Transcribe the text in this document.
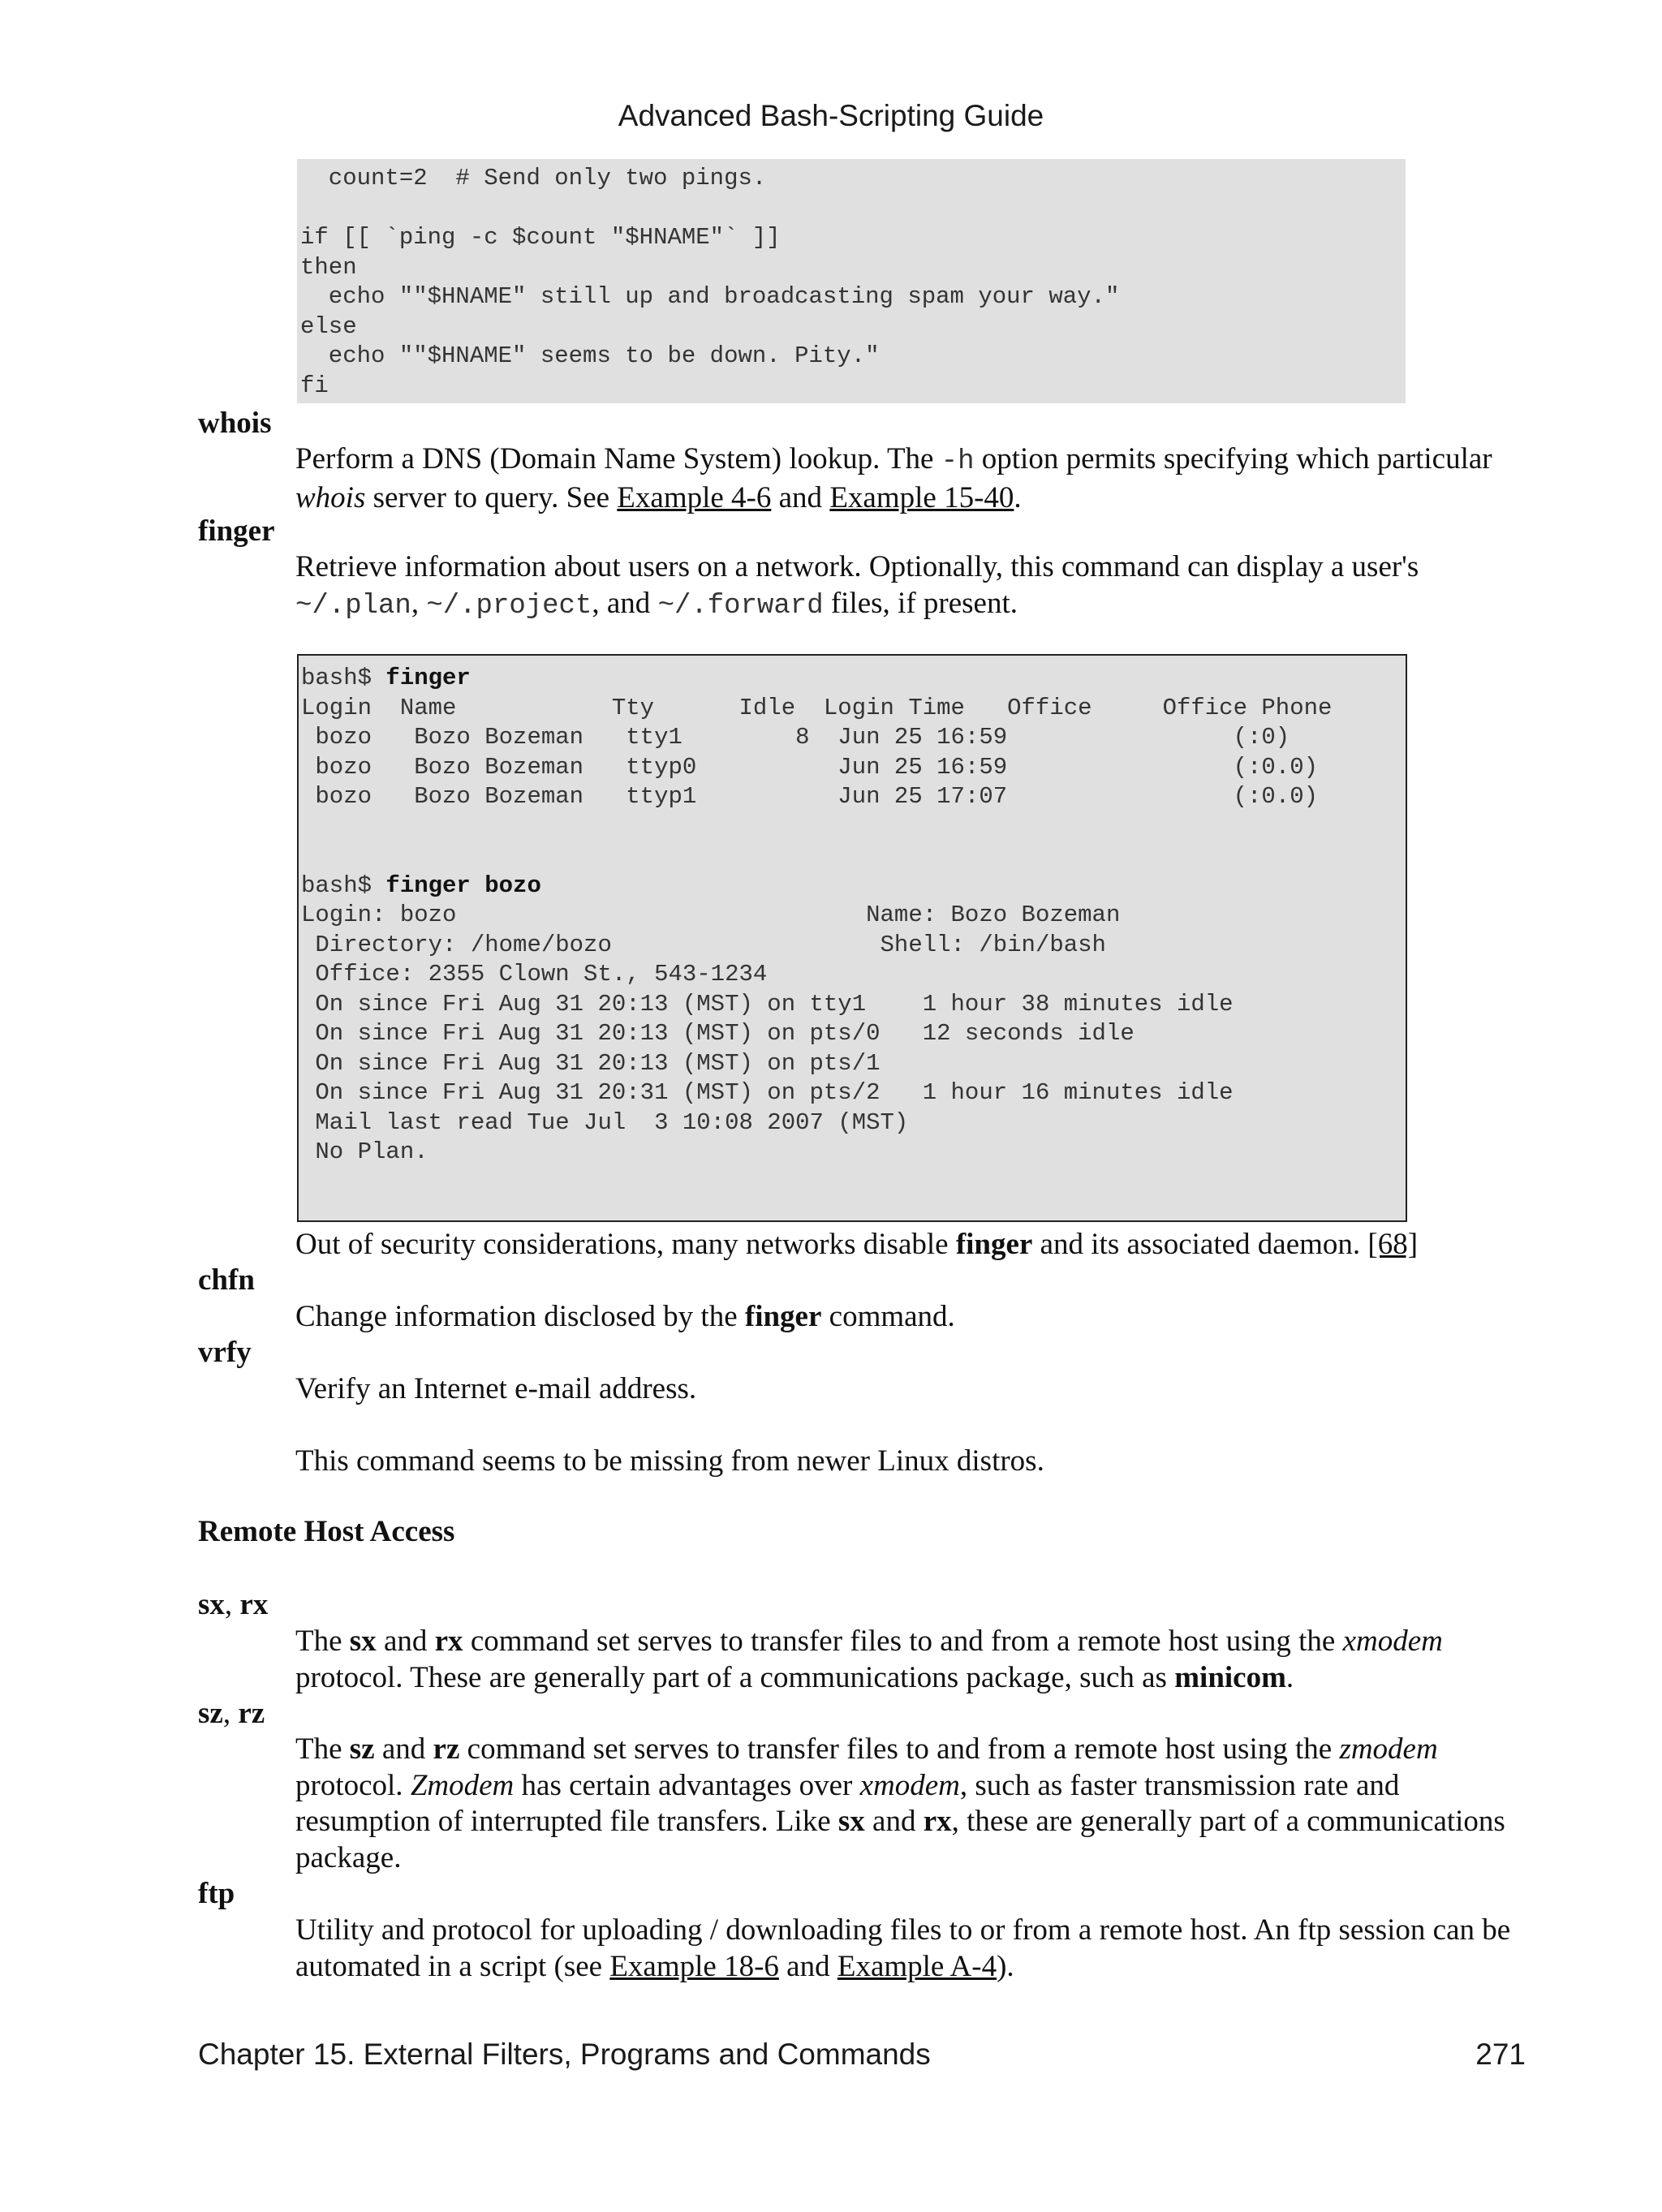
Advanced Bash-Scripting Guide
count=2  # Send only two pings.

if [[ `ping -c $count "$HNAME"` ]]
then
echo ""$HNAME" still up and broadcasting spam your way."
else
echo ""$HNAME" seems to be down. Pity."
fi
whois
Perform a DNS (Domain Name System) lookup. The -h option permits specifying which particular
whois server to query. See Example 4-6 and Example 15-40.
finger
Retrieve information about users on a network. Optionally, this command can display a user's
~/.plan, ~/.project, and ~/.forward files, if present.
bash$ finger
Login  Name           Tty      Idle  Login Time   Office     Office Phone
bozo   Bozo Bozeman   tty1        8  Jun 25 16:59                (:0)
bozo   Bozo Bozeman   ttyp0          Jun 25 16:59                (:0.0)
bozo   Bozo Bozeman   ttyp1          Jun 25 17:07                (:0.0)

bash$ finger bozo
Login: bozo                             Name: Bozo Bozeman
Directory: /home/bozo                   Shell: /bin/bash
Office: 2355 Clown St., 543-1234
On since Fri Aug 31 20:13 (MST) on tty1    1 hour 38 minutes idle
On since Fri Aug 31 20:13 (MST) on pts/0   12 seconds idle
On since Fri Aug 31 20:13 (MST) on pts/1
On since Fri Aug 31 20:31 (MST) on pts/2   1 hour 16 minutes idle
Mail last read Tue Jul  3 10:08 2007 (MST)
No Plan.
Out of security considerations, many networks disable finger and its associated daemon. [68]
chfn
Change information disclosed by the finger command.
vrfy
Verify an Internet e-mail address.
This command seems to be missing from newer Linux distros.
Remote Host Access
sx, rx
The sx and rx command set serves to transfer files to and from a remote host using the xmodem
protocol. These are generally part of a communications package, such as minicom.
sz, rz
The sz and rz command set serves to transfer files to and from a remote host using the zmodem
protocol. Zmodem has certain advantages over xmodem, such as faster transmission rate and
resumption of interrupted file transfers. Like sx and rx, these are generally part of a communications
package.
ftp
Utility and protocol for uploading / downloading files to or from a remote host. An ftp session can be
automated in a script (see Example 18-6 and Example A-4).
Chapter 15. External Filters, Programs and Commands	271
